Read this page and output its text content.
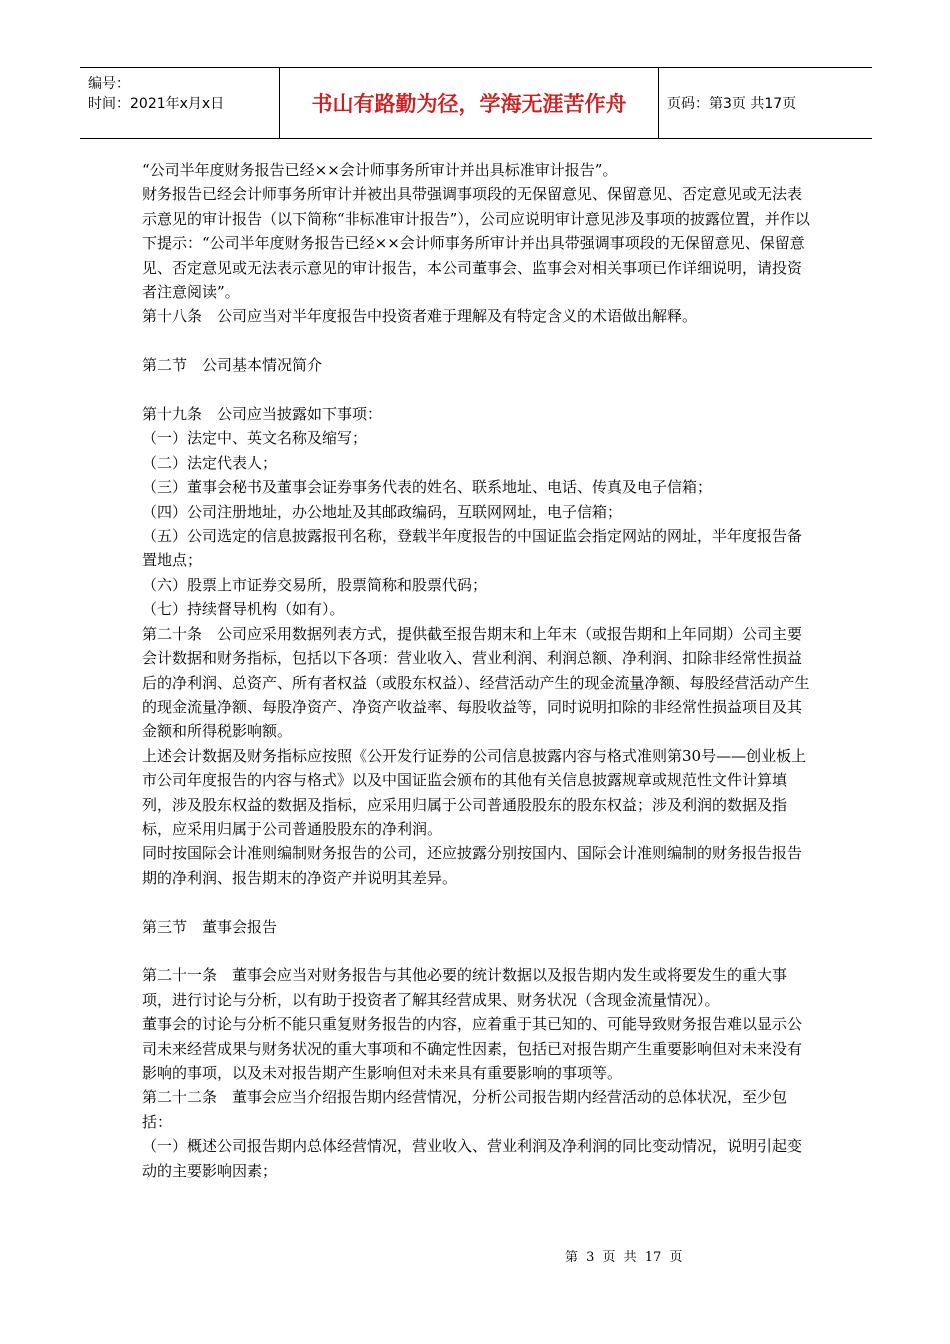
编号：
时间：2021年x月x日	书山有路勤为径，学海无涯苦作舟	页码：第3页 共17页

“公司半年度财务报告已经××会计师事务所审计并出具标准审计报告”。

财务报告已经会计师事务所审计并被出具带强调事项段的无保留意见、保留意见、否定意见或无法表示意见的审计报告（以下简称“非标准审计报告”），公司应说明审计意见涉及事项的披露位置，并作以下提示：“公司半年度财务报告已经××会计师事务所审计并出具带强调事项段的无保留意见、保留意见、否定意见或无法表示意见的审计报告，本公司董事会、监事会对相关事项已作详细说明，请投资者注意阅读”。

第十八条　公司应当对半年度报告中投资者难于理解及有特定含义的术语做出解释。

第二节　公司基本情况简介

第十九条　公司应当披露如下事项：

（一）法定中、英文名称及缩写；

（二）法定代表人；

（三）董事会秘书及董事会证券事务代表的姓名、联系地址、电话、传真及电子信箱；

（四）公司注册地址，办公地址及其邮政编码，互联网网址，电子信箱；

（五）公司选定的信息披露报刊名称，登载半年度报告的中国证监会指定网站的网址，半年度报告备置地点；

（六）股票上市证券交易所，股票简称和股票代码；

（七）持续督导机构（如有）。

第二十条　公司应采用数据列表方式，提供截至报告期末和上年末（或报告期和上年同期）公司主要会计数据和财务指标，包括以下各项：营业收入、营业利润、利润总额、净利润、扣除非经常性损益后的净利润、总资产、所有者权益（或股东权益）、经营活动产生的现金流量净额、每股经营活动产生的现金流量净额、每股净资产、净资产收益率、每股收益等，同时说明扣除的非经常性损益项目及其金额和所得税影响额。

上述会计数据及财务指标应按照《公开发行证券的公司信息披露内容与格式准则第30号——创业板上市公司年度报告的内容与格式》以及中国证监会颁布的其他有关信息披露规章或规范性文件计算填列，涉及股东权益的数据及指标，应采用归属于公司普通股股东的股东权益；涉及利润的数据及指标，应采用归属于公司普通股股东的净利润。

同时按国际会计准则编制财务报告的公司，还应披露分别按国内、国际会计准则编制的财务报告报告期的净利润、报告期末的净资产并说明其差异。

第三节　董事会报告

第二十一条　董事会应当对财务报告与其他必要的统计数据以及报告期内发生或将要发生的重大事项，进行讨论与分析，以有助于投资者了解其经营成果、财务状况（含现金流量情况）。

董事会的讨论与分析不能只重复财务报告的内容，应着重于其已知的、可能导致财务报告难以显示公司未来经营成果与财务状况的重大事项和不确定性因素，包括已对报告期产生重要影响但对未来没有影响的事项，以及未对报告期产生影响但对未来具有重要影响的事项等。

第二十二条　董事会应当介绍报告期内经营情况，分析公司报告期内经营活动的总体状况，至少包括：

（一）概述公司报告期内总体经营情况，营业收入、营业利润及净利润的同比变动情况，说明引起变动的主要影响因素；

第 3 页 共 17 页
